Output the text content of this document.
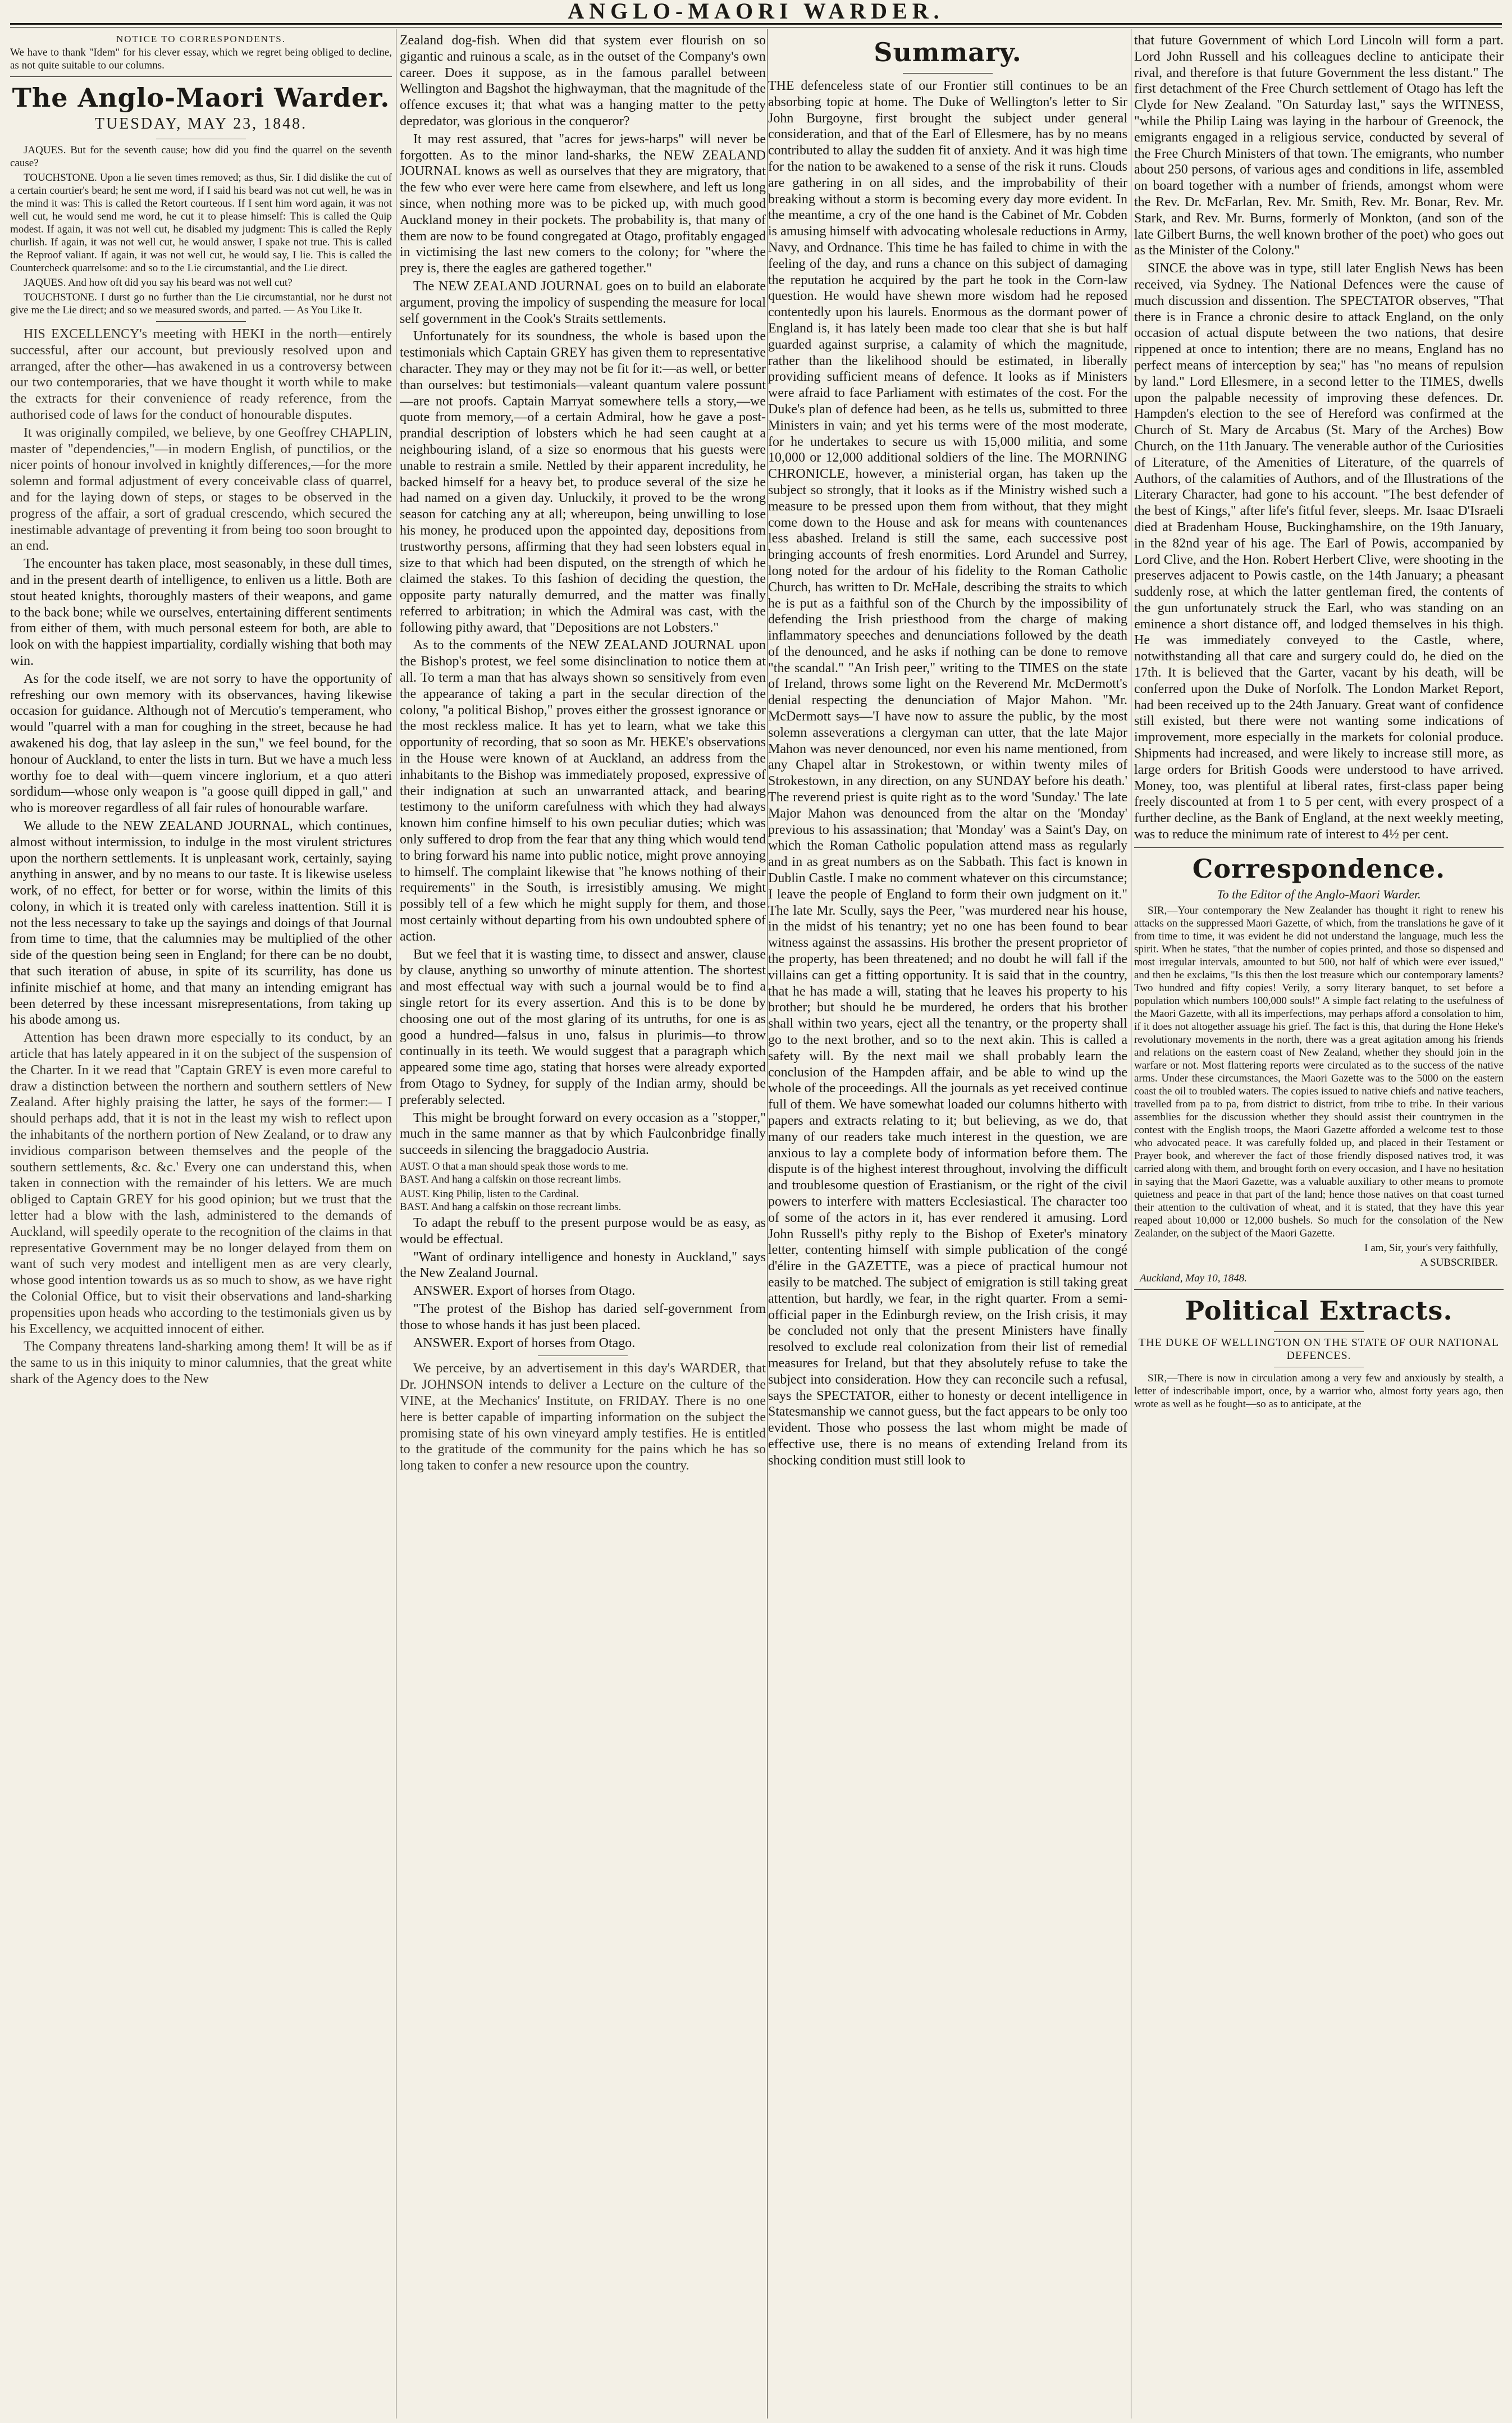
ANGLO-MAORI WARDER.
NOTICE TO CORRESPONDENTS.

We have to thank "Idem" for his clever essay, which we regret being obliged to decline, as not quite suitable to our columns.

The Anglo-Maori Warder.
TUESDAY, MAY 23, 1848.

JAQUES. But for the seventh cause; how did you find the quarrel on the seventh cause?

TOUCHSTONE. Upon a lie seven times removed; as thus, Sir. I did dislike the cut of a certain courtier's beard; he sent me word, if I said his beard was not cut well, he was in the mind it was: This is called the Retort courteous. If I sent him word again, it was not well cut, he would send me word, he cut it to please himself: This is called the Quip modest. If again, it was not well cut, he disabled my judgment: This is called the Reply churlish. If again, it was not well cut, he would answer, I spake not true. This is called the Reproof valiant. If again, it was not well cut, he would say, I lie. This is called the Countercheck quarrelsome: and so to the Lie circumstantial, and the Lie direct.

JAQUES. And how oft did you say his beard was not well cut?

TOUCHSTONE. I durst go no further than the Lie circumstantial, nor he durst not give me the Lie direct; and so we measured swords, and parted. — As You Like It.

HIS EXCELLENCY's meeting with HEKI in the north—entirely successful, after our account, but previously resolved upon and arranged, after the other—has awakened in us a controversy between our two contemporaries, that we have thought it worth while to make the extracts for their convenience of ready reference, from the authorised code of laws for the conduct of honourable disputes.

It was originally compiled, we believe, by one Geoffrey CHAPLIN, master of "dependencies,"—in modern English, of punctilios, or the nicer points of honour involved in knightly differences,—for the more solemn and formal adjustment of every conceivable class of quarrel, and for the laying down of steps, or stages to be observed in the progress of the affair, a sort of gradual crescendo, which secured the inestimable advantage of preventing it from being too soon brought to an end.

The encounter has taken place, most seasonably, in these dull times, and in the present dearth of intelligence, to enliven us a little. Both are stout heated knights, thoroughly masters of their weapons, and game to the back bone; while we ourselves, entertaining different sentiments from either of them, with much personal esteem for both, are able to look on with the happiest impartiality, cordially wishing that both may win.

As for the code itself, we are not sorry to have the opportunity of refreshing our own memory with its observances, having likewise occasion for guidance. Although not of Mercutio's temperament, who would "quarrel with a man for coughing in the street, because he had awakened his dog, that lay asleep in the sun," we feel bound, for the honour of Auckland, to enter the lists in turn. But we have a much less worthy foe to deal with—quem vincere inglorium, et a quo atteri sordidum—whose only weapon is "a goose quill dipped in gall," and who is moreover regardless of all fair rules of honourable warfare.

We allude to the NEW ZEALAND JOURNAL, which continues, almost without intermission, to indulge in the most virulent strictures upon the northern settlements. It is unpleasant work, certainly, saying anything in answer, and by no means to our taste. It is likewise useless work, of no effect, for better or for worse, within the limits of this colony, in which it is treated only with careless inattention. Still it is not the less necessary to take up the sayings and doings of that Journal from time to time, that the calumnies may be multiplied of the other side of the question being seen in England; for there can be no doubt, that such iteration of abuse, in spite of its scurrility, has done us infinite mischief at home, and that many an intending emigrant has been deterred by these incessant misrepresentations, from taking up his abode among us.

Attention has been drawn more especially to its conduct, by an article that has lately appeared in it on the subject of the suspension of the Charter. In it we read that "Captain GREY is even more careful to draw a distinction between the northern and southern settlers of New Zealand. After highly praising the latter, he says of the former:— I should perhaps add, that it is not in the least my wish to reflect upon the inhabitants of the northern portion of New Zealand, or to draw any invidious comparison between themselves and the people of the southern settlements, &c. &c.' Every one can understand this, when taken in connection with the remainder of his letters. We are much obliged to Captain GREY for his good opinion; but we trust that the letter had a blow with the lash, administered to the demands of Auckland, will speedily operate to the recognition of the claims in that representative Government may be no longer delayed from them on want of such very modest and intelligent men as are very clearly, whose good intention towards us as so much to show, as we have right the Colonial Office, but to visit their observations and land-sharking propensities upon heads who according to the testimonials given us by his Excellency, we acquitted innocent of either.

The Company threatens land-sharking among them! It will be as if the same to us in this iniquity to minor calumnies, that the great white shark of the Agency does to the New

Zealand dog-fish. When did that system ever flourish on so gigantic and ruinous a scale, as in the outset of the Company's own career. Does it suppose, as in the famous parallel between Wellington and Bagshot the highwayman, that the magnitude of the offence excuses it; that what was a hanging matter to the petty depredator, was glorious in the conqueror?

It may rest assured, that "acres for jews-harps" will never be forgotten. As to the minor land-sharks, the NEW ZEALAND JOURNAL knows as well as ourselves that they are migratory, that the few who ever were here came from elsewhere, and left us long since, when nothing more was to be picked up, with much good Auckland money in their pockets. The probability is, that many of them are now to be found congregated at Otago, profitably engaged in victimising the last new comers to the colony; for "where the prey is, there the eagles are gathered together."

The NEW ZEALAND JOURNAL goes on to build an elaborate argument, proving the impolicy of suspending the measure for local self government in the Cook's Straits settlements.

Unfortunately for its soundness, the whole is based upon the testimonials which Captain GREY has given them to representative character. They may or they may not be fit for it:—as well, or better than ourselves: but testimonials—valeant quantum valere possunt—are not proofs. Captain Marryat somewhere tells a story,—we quote from memory,—of a certain Admiral, how he gave a post-prandial description of lobsters which he had seen caught at a neighbouring island, of a size so enormous that his guests were unable to restrain a smile. Nettled by their apparent incredulity, he backed himself for a heavy bet, to produce several of the size he had named on a given day. Unluckily, it proved to be the wrong season for catching any at all; whereupon, being unwilling to lose his money, he produced upon the appointed day, depositions from trustworthy persons, affirming that they had seen lobsters equal in size to that which had been disputed, on the strength of which he claimed the stakes. To this fashion of deciding the question, the opposite party naturally demurred, and the matter was finally referred to arbitration; in which the Admiral was cast, with the following pithy award, that "Depositions are not Lobsters."

As to the comments of the NEW ZEALAND JOURNAL upon the Bishop's protest, we feel some disinclination to notice them at all. To term a man that has always shown so sensitively from even the appearance of taking a part in the secular direction of the colony, "a political Bishop," proves either the grossest ignorance or the most reckless malice. It has yet to learn, what we take this opportunity of recording, that so soon as Mr. HEKE's observations in the House were known of at Auckland, an address from the inhabitants to the Bishop was immediately proposed, expressive of their indignation at such an unwarranted attack, and bearing testimony to the uniform carefulness with which they had always known him confine himself to his own peculiar duties; which was only suffered to drop from the fear that any thing which would tend to bring forward his name into public notice, might prove annoying to himself. The complaint likewise that "he knows nothing of their requirements" in the South, is irresistibly amusing. We might possibly tell of a few which he might supply for them, and those most certainly without departing from his own undoubted sphere of action.

But we feel that it is wasting time, to dissect and answer, clause by clause, anything so unworthy of minute attention. The shortest and most effectual way with such a journal would be to find a single retort for its every assertion. And this is to be done by choosing one out of the most glaring of its untruths, for one is as good a hundred—falsus in uno, falsus in plurimis—to throw continually in its teeth. We would suggest that a paragraph which appeared some time ago, stating that horses were already exported from Otago to Sydney, for supply of the Indian army, should be preferably selected.

This might be brought forward on every occasion as a "stopper," much in the same manner as that by which Faulconbridge finally succeeds in silencing the braggadocio Austria.

AUST. O that a man should speak those words to me.
BAST. And hang a calfskin on those recreant limbs.

AUST. King Philip, listen to the Cardinal.
BAST. And hang a calfskin on those recreant limbs.

To adapt the rebuff to the present purpose would be as easy, as would be effectual.

"Want of ordinary intelligence and honesty in Auckland," says the New Zealand Journal.

ANSWER. Export of horses from Otago.

"The protest of the Bishop has daried self-government from those to whose hands it has just been placed.

ANSWER. Export of horses from Otago.

We perceive, by an advertisement in this day's WARDER, that Dr. JOHNSON intends to deliver a Lecture on the culture of the VINE, at the Mechanics' Institute, on FRIDAY. There is no one here is better capable of imparting information on the subject the promising state of his own vineyard amply testifies. He is entitled to the gratitude of the community for the pains which he has so long taken to confer a new resource upon the country.

Summary.

THE defenceless state of our Frontier still continues to be an absorbing topic at home. The Duke of Wellington's letter to Sir John Burgoyne, first brought the subject under general consideration, and that of the Earl of Ellesmere, has by no means contributed to allay the sudden fit of anxiety. And it was high time for the nation to be awakened to a sense of the risk it runs. Clouds are gathering in on all sides, and the improbability of their breaking without a storm is becoming every day more evident. In the meantime, a cry of the one hand is the Cabinet of Mr. Cobden is amusing himself with advocating wholesale reductions in Army, Navy, and Ordnance. This time he has failed to chime in with the feeling of the day, and runs a chance on this subject of damaging the reputation he acquired by the part he took in the Corn-law question. He would have shewn more wisdom had he reposed contentedly upon his laurels. Enormous as the dormant power of England is, it has lately been made too clear that she is but half guarded against surprise, a calamity of which the magnitude, rather than the likelihood should be estimated, in liberally providing sufficient means of defence. It looks as if Ministers were afraid to face Parliament with estimates of the cost. For the Duke's plan of defence had been, as he tells us, submitted to three Ministers in vain; and yet his terms were of the most moderate, for he undertakes to secure us with 15,000 militia, and some 10,000 or 12,000 additional soldiers of the line. The MORNING CHRONICLE, however, a ministerial organ, has taken up the subject so strongly, that it looks as if the Ministry wished such a measure to be pressed upon them from without, that they might come down to the House and ask for means with countenances less abashed. Ireland is still the same, each successive post bringing accounts of fresh enormities. Lord Arundel and Surrey, long noted for the ardour of his fidelity to the Roman Catholic Church, has written to Dr. McHale, describing the straits to which he is put as a faithful son of the Church by the impossibility of defending the Irish priesthood from the charge of making inflammatory speeches and denunciations followed by the death of the denounced, and he asks if nothing can be done to remove "the scandal." "An Irish peer," writing to the TIMES on the state of Ireland, throws some light on the Reverend Mr. McDermott's denial respecting the denunciation of Major Mahon. "Mr. McDermott says—'I have now to assure the public, by the most solemn asseverations a clergyman can utter, that the late Major Mahon was never denounced, nor even his name mentioned, from any Chapel altar in Strokestown, or within twenty miles of Strokestown, in any direction, on any SUNDAY before his death.' The reverend priest is quite right as to the word 'Sunday.' The late Major Mahon was denounced from the altar on the 'Monday' previous to his assassination; that 'Monday' was a Saint's Day, on which the Roman Catholic population attend mass as regularly and in as great numbers as on the Sabbath. This fact is known in Dublin Castle. I make no comment whatever on this circumstance; I leave the people of England to form their own judgment on it." The late Mr. Scully, says the Peer, "was murdered near his house, in the midst of his tenantry; yet no one has been found to bear witness against the assassins. His brother the present proprietor of the property, has been threatened; and no doubt he will fall if the villains can get a fitting opportunity. It is said that in the country, that he has made a will, stating that he leaves his property to his brother; but should he be murdered, he orders that his brother shall within two years, eject all the tenantry, or the property shall go to the next brother, and so to the next akin. This is called a safety will. By the next mail we shall probably learn the conclusion of the Hampden affair, and be able to wind up the whole of the proceedings. All the journals as yet received continue full of them. We have somewhat loaded our columns hitherto with papers and extracts relating to it; but believing, as we do, that many of our readers take much interest in the question, we are anxious to lay a complete body of information before them. The dispute is of the highest interest throughout, involving the difficult and troublesome question of Erastianism, or the right of the civil powers to interfere with matters Ecclesiastical. The character too of some of the actors in it, has ever rendered it amusing. Lord John Russell's pithy reply to the Bishop of Exeter's minatory letter, contenting himself with simple publication of the congé d'élire in the GAZETTE, was a piece of practical humour not easily to be matched. The subject of emigration is still taking great attention, but hardly, we fear, in the right quarter. From a semi-official paper in the Edinburgh review, on the Irish crisis, it may be concluded not only that the present Ministers have finally resolved to exclude real colonization from their list of remedial measures for Ireland, but that they absolutely refuse to take the subject into consideration. How they can reconcile such a refusal, says the SPECTATOR, either to honesty or decent intelligence in Statesmanship we cannot guess, but the fact appears to be only too evident. Those who possess the last whom might be made of effective use, there is no means of extending Ireland from its shocking condition must still look to

that future Government of which Lord Lincoln will form a part. Lord John Russell and his colleagues decline to anticipate their rival, and therefore is that future Government the less distant." The first detachment of the Free Church settlement of Otago has left the Clyde for New Zealand. "On Saturday last," says the WITNESS, "while the Philip Laing was laying in the harbour of Greenock, the emigrants engaged in a religious service, conducted by several of the Free Church Ministers of that town. The emigrants, who number about 250 persons, of various ages and conditions in life, assembled on board together with a number of friends, amongst whom were the Rev. Dr. McFarlan, Rev. Mr. Smith, Rev. Mr. Bonar, Rev. Mr. Stark, and Rev. Mr. Burns, formerly of Monkton, (and son of the late Gilbert Burns, the well known brother of the poet) who goes out as the Minister of the Colony."

SINCE the above was in type, still later English News has been received, via Sydney. The National Defences were the cause of much discussion and dissention. The SPECTATOR observes, "That there is in France a chronic desire to attack England, on the only occasion of actual dispute between the two nations, that desire rippened at once to intention; there are no means, England has no perfect means of interception by sea;" has "no means of repulsion by land." Lord Ellesmere, in a second letter to the TIMES, dwells upon the palpable necessity of improving these defences. Dr. Hampden's election to the see of Hereford was confirmed at the Church of St. Mary de Arcabus (St. Mary of the Arches) Bow Church, on the 11th January. The venerable author of the Curiosities of Literature, of the Amenities of Literature, of the quarrels of Authors, of the calamities of Authors, and of the Illustrations of the Literary Character, had gone to his account. "The best defender of the best of Kings," after life's fitful fever, sleeps. Mr. Isaac D'Israeli died at Bradenham House, Buckinghamshire, on the 19th January, in the 82nd year of his age. The Earl of Powis, accompanied by Lord Clive, and the Hon. Robert Herbert Clive, were shooting in the preserves adjacent to Powis castle, on the 14th January; a pheasant suddenly rose, at which the latter gentleman fired, the contents of the gun unfortunately struck the Earl, who was standing on an eminence a short distance off, and lodged themselves in his thigh. He was immediately conveyed to the Castle, where, notwithstanding all that care and surgery could do, he died on the 17th. It is believed that the Garter, vacant by his death, will be conferred upon the Duke of Norfolk. The London Market Report, had been received up to the 24th January. Great want of confidence still existed, but there were not wanting some indications of improvement, more especially in the markets for colonial produce. Shipments had increased, and were likely to increase still more, as large orders for British Goods were understood to have arrived. Money, too, was plentiful at liberal rates, first-class paper being freely discounted at from 1 to 5 per cent, with every prospect of a further decline, as the Bank of England, at the next weekly meeting, was to reduce the minimum rate of interest to 4½ per cent.

Correspondence.
To the Editor of the Anglo-Maori Warder.

SIR,—Your contemporary the New Zealander has thought it right to renew his attacks on the suppressed Maori Gazette, of which, from the translations he gave of it from time to time, it was evident he did not understand the language, much less the spirit. When he states, "that the number of copies printed, and those so dispensed and most irregular intervals, amounted to but 500, not half of which were ever issued," and then he exclaims, "Is this then the lost treasure which our contemporary laments? Two hundred and fifty copies! Verily, a sorry literary banquet, to set before a population which numbers 100,000 souls!" A simple fact relating to the usefulness of the Maori Gazette, with all its imperfections, may perhaps afford a consolation to him, if it does not altogether assuage his grief. The fact is this, that during the Hone Heke's revolutionary movements in the north, there was a great agitation among his friends and relations on the eastern coast of New Zealand, whether they should join in the warfare or not. Most flattering reports were circulated as to the success of the native arms. Under these circumstances, the Maori Gazette was to the 5000 on the eastern coast the oil to troubled waters. The copies issued to native chiefs and native teachers, travelled from pa to pa, from district to district, from tribe to tribe. In their various assemblies for the discussion whether they should assist their countrymen in the contest with the English troops, the Maori Gazette afforded a welcome test to those who advocated peace. It was carefully folded up, and placed in their Testament or Prayer book, and wherever the fact of those friendly disposed natives trod, it was carried along with them, and brought forth on every occasion, and I have no hesitation in saying that the Maori Gazette, was a valuable auxiliary to other means to promote quietness and peace in that part of the land; hence those natives on that coast turned their attention to the cultivation of wheat, and it is stated, that they have this year reaped about 10,000 or 12,000 bushels. So much for the consolation of the New Zealander, on the subject of the Maori Gazette.

I am, Sir, your's very faithfully,
A SUBSCRIBER.
Auckland, May 10, 1848.
Political Extracts.
THE DUKE OF WELLINGTON ON THE STATE OF OUR NATIONAL DEFENCES.

SIR,—There is now in circulation among a very few and anxiously by stealth, a letter of indescribable import, once, by a warrior who, almost forty years ago, then wrote as well as he fought—so as to anticipate, at the
